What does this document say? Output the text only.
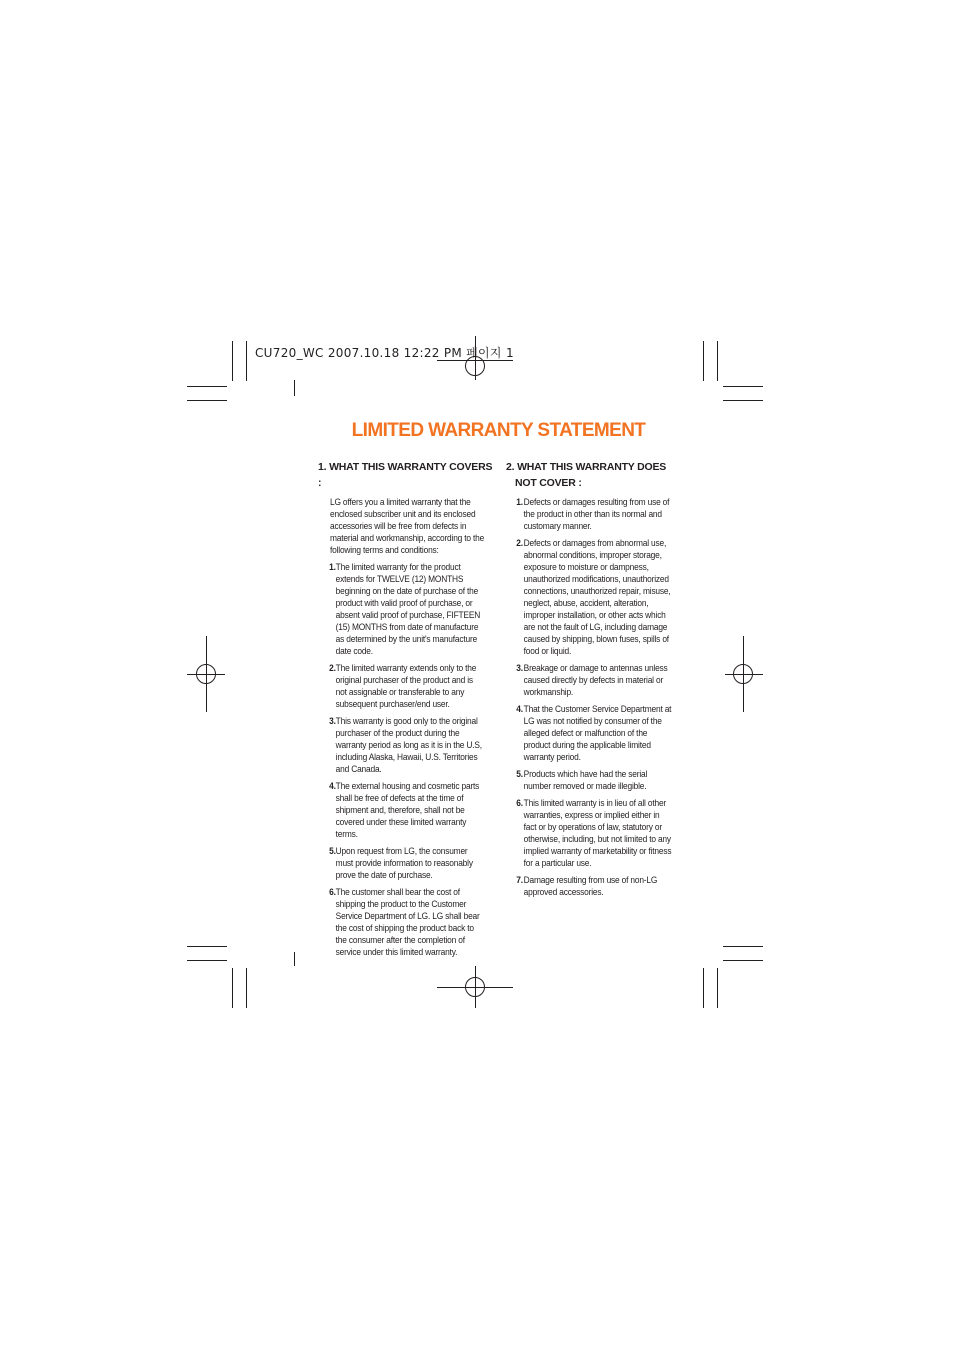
CU720_WC 2007.10.18 12:22 PM 페이지 1
LIMITED WARRANTY STATEMENT
1. WHAT THIS WARRANTY COVERS :

LG offers you a limited warranty that the enclosed subscriber unit and its enclosed accessories will be free from defects in material and workmanship, according to the following terms and conditions:

1. The limited warranty for the product extends for TWELVE (12) MONTHS beginning on the date of purchase of the product with valid proof of purchase, or absent valid proof of purchase, FIFTEEN (15) MONTHS from date of manufacture as determined by the unit's manufacture date code.
2. The limited warranty extends only to the original purchaser of the product and is not assignable or transferable to any subsequent purchaser/end user.
3. This warranty is good only to the original purchaser of the product during the warranty period as long as it is in the U.S, including Alaska, Hawaii, U.S. Territories and Canada.
4. The external housing and cosmetic parts shall be free of defects at the time of shipment and, therefore, shall not be covered under these limited warranty terms.
5. Upon request from LG, the consumer must provide information to reasonably prove the date of purchase.
6. The customer shall bear the cost of shipping the product to the Customer Service Department of LG. LG shall bear the cost of shipping the product back to the consumer after the completion of service under this limited warranty.
2. WHAT THIS WARRANTY DOES
NOT COVER :
1. Defects or damages resulting from use of the product in other than its normal and customary manner.
2. Defects or damages from abnormal use, abnormal conditions, improper storage, exposure to moisture or dampness, unauthorized modifications, unauthorized connections, unauthorized repair, misuse, neglect, abuse, accident, alteration, improper installation, or other acts which are not the fault of LG, including damage caused by shipping, blown fuses, spills of food or liquid.
3. Breakage or damage to antennas unless caused directly by defects in material or workmanship.
4. That the Customer Service Department at LG was not notified by consumer of the alleged defect or malfunction of the product during the applicable limited warranty period.
5. Products which have had the serial number removed or made illegible.
6. This limited warranty is in lieu of all other warranties, express or implied either in fact or by operations of law, statutory or otherwise, including, but not limited to any implied warranty of marketability or fitness for a particular use.
7. Damage resulting from use of non-LG approved accessories.
